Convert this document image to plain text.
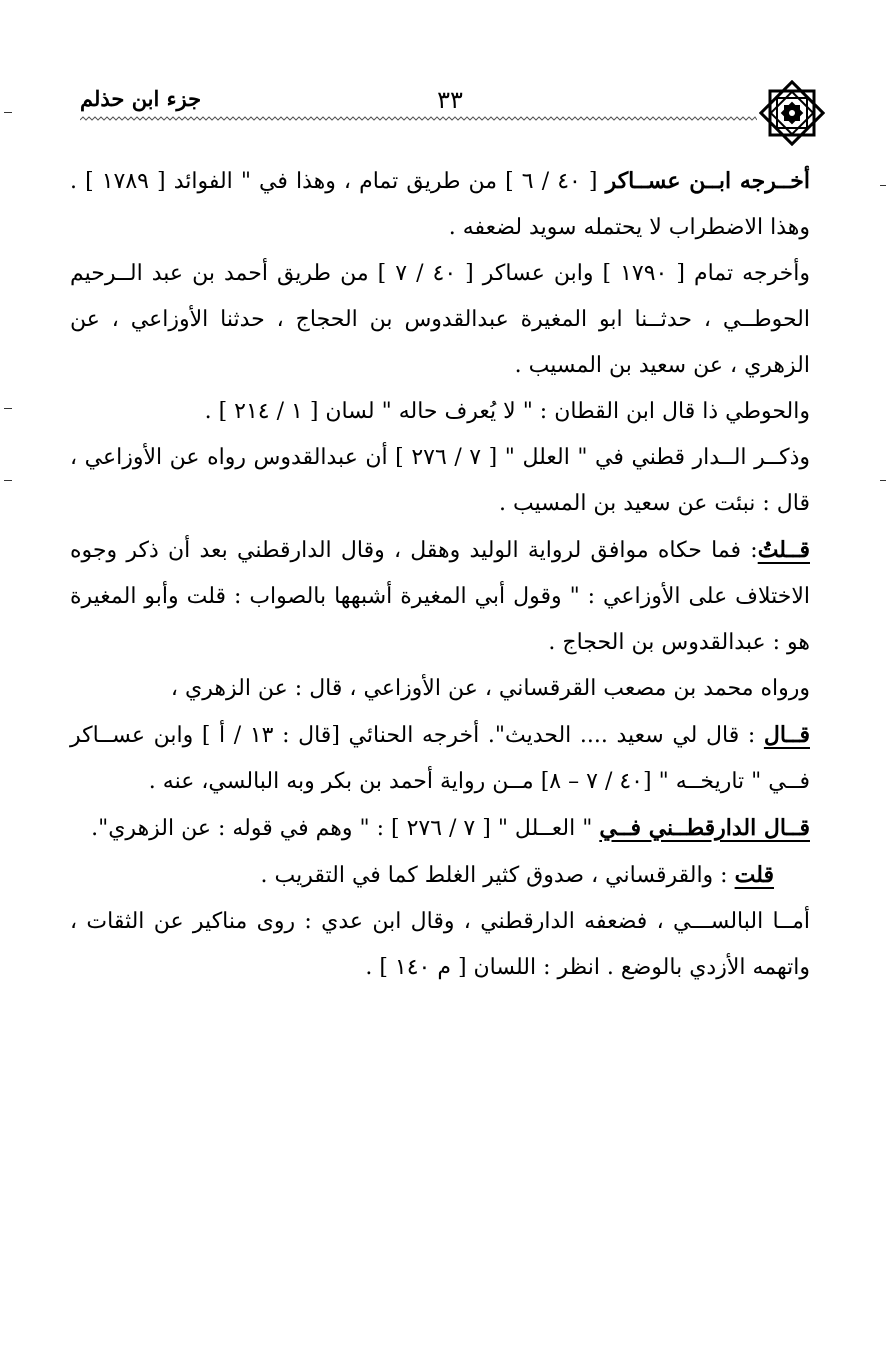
٣٣
جزء ابن حذلم

أخــرجه ابــن عســاكر [ ٤٠ / ٦ ] من طريق تمام ، وهذا في " الفوائد [ ١٧٨٩ ] . وهذا الاضطراب لا يحتمله سويد لضعفه .

وأخرجه تمام [ ١٧٩٠ ] وابن عساكر [ ٤٠ / ٧ ] من طريق أحمد بن عبد الــرحيم الحوطــي ، حدثــنا ابو المغيرة عبدالقدوس بن الحجاج ، حدثنا الأوزاعي ، عن الزهري ، عن سعيد بن المسيب .

والحوطي ذا قال ابن القطان : " لا يُعرف حاله " لسان [ ١ / ٢١٤ ] .

وذكــر الــدار قطني في " العلل " [ ٧ / ٢٧٦ ] أن عبدالقدوس رواه عن الأوزاعي ، قال : نبئت عن سعيد بن المسيب .

قــلتُ: فما حكاه موافق لرواية الوليد وهقل ، وقال الدارقطني بعد أن ذكر وجوه الاختلاف على الأوزاعي : " وقول أبي المغيرة أشبهها بالصواب : قلت وأبو المغيرة هو : عبدالقدوس بن الحجاج .

ورواه محمد بن مصعب القرقساني ، عن الأوزاعي ، قال : عن الزهري ،

قــال : قال لي سعيد .... الحديث". أخرجه الحنائي [قال : ١٣ / أ ] وابن عســاكر فــي " تاريخــه " [٤٠ / ٧ – ٨] مــن رواية أحمد بن بكر وبه البالسي، عنه .

قــال الدارقطــني فــي " العــلل " [ ٧ / ٢٧٦ ] : " وهم في قوله : عن الزهري".

قلت : والقرقساني ، صدوق كثير الغلط كما في التقريب .

أمــا البالســـي ، فضعفه الدارقطني ، وقال ابن عدي : روى مناكير عن الثقات ، واتهمه الأزدي بالوضع . انظر : اللسان [ م ١٤٠ ] .
